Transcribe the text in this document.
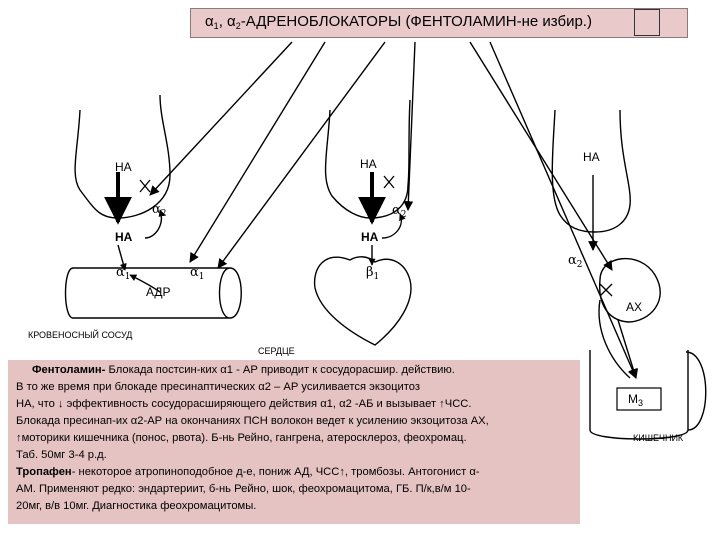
$\alpha_1$, $\alpha_2$-АДРЕНОБЛОКАТОРЫ (ФЕНТОЛАМИН-не избир.)
НА	НА	НА
НА	НА
$\alpha_2$	$\alpha_2$
$\alpha_2$
$\alpha_1$	$\alpha_1$	$\beta_1$
АДР
АХ
$М_3$
КРОВЕНОСНЫЙ СОСУД
СЕРДЦЕ
КИШЕЧНИК
Фентоламин- Блокада постсин-ких α1 - АР приводит к сосудорасшир. действию.
В то же время при блокаде пресинаптических α2 – АР усиливается экзоцитоз
НА, что ↓ эффективность сосудорасширяющего действия α1, α2 -АБ и вызывает ↑ЧСС.
Блокада пресинап-их α2-АР на окончаниях ПСН волокон ведет к усилению экзоцитоза АХ,
↑моторики кишечника (понос, рвота). Б-нь Рейно, гангрена, атеросклероз, феохромац.
Таб. 50мг 3-4 р.д.
Тропафен- некоторое атропиноподобное д-е, пониж АД, ЧСС↑, тромбозы. Антогонист α-
АМ. Применяют редко: эндартериит, б-нь Рейно, шок, феохромацитома, ГБ. П/к,в/м 10-
20мг, в/в 10мг. Диагностика феохромацитомы.
